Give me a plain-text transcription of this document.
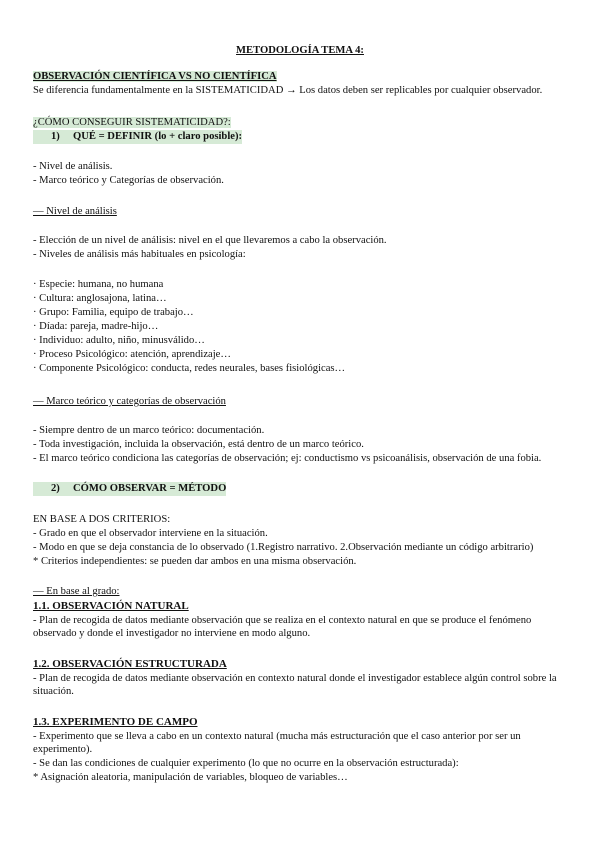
METODOLOGÍA TEMA 4:
OBSERVACIÓN CIENTÍFICA VS NO CIENTÍFICA
Se diferencia fundamentalmente en la SISTEMATICIDAD → Los datos deben ser replicables por cualquier observador.
¿CÓMO CONSEGUIR SISTEMATICIDAD?:
1) QUÉ = DEFINIR (lo + claro posible):
- Nivel de análisis.
- Marco teórico y Categorías de observación.
— Nivel de análisis
- Elección de un nivel de análisis: nivel en el que llevaremos a cabo la observación.
- Niveles de análisis más habituales en psicología:
· Especie: humana, no humana
· Cultura: anglosajona, latina…
· Grupo: Familia, equipo de trabajo…
· Díada: pareja, madre-hijo…
· Individuo: adulto, niño, minusválido…
· Proceso Psicológico: atención, aprendizaje…
· Componente Psicológico: conducta, redes neurales, bases fisiológicas…
— Marco teórico y categorías de observación
- Siempre dentro de un marco teórico: documentación.
- Toda investigación, incluida la observación, está dentro de un marco teórico.
- El marco teórico condiciona las categorías de observación; ej: conductismo vs psicoanálisis, observación de una fobia.
2) CÓMO OBSERVAR = MÉTODO
EN BASE A DOS CRITERIOS:
- Grado en que el observador interviene en la situación.
- Modo en que se deja constancia de lo observado (1.Registro narrativo. 2.Observación mediante un código arbitrario)
* Criterios independientes: se pueden dar ambos en una misma observación.
— En base al grado:
1.1. OBSERVACIÓN NATURAL
- Plan de recogida de datos mediante observación que se realiza en el contexto natural en que se produce el fenómeno observado y donde el investigador no interviene en modo alguno.
1.2. OBSERVACIÓN ESTRUCTURADA
- Plan de recogida de datos mediante observación en contexto natural donde el investigador establece algún control sobre la situación.
1.3. EXPERIMENTO DE CAMPO
- Experimento que se lleva a cabo en un contexto natural (mucha más estructuración que el caso anterior por ser un experimento).
- Se dan las condiciones de cualquier experimento (lo que no ocurre en la observación estructurada):
* Asignación aleatoria, manipulación de variables, bloqueo de variables…
